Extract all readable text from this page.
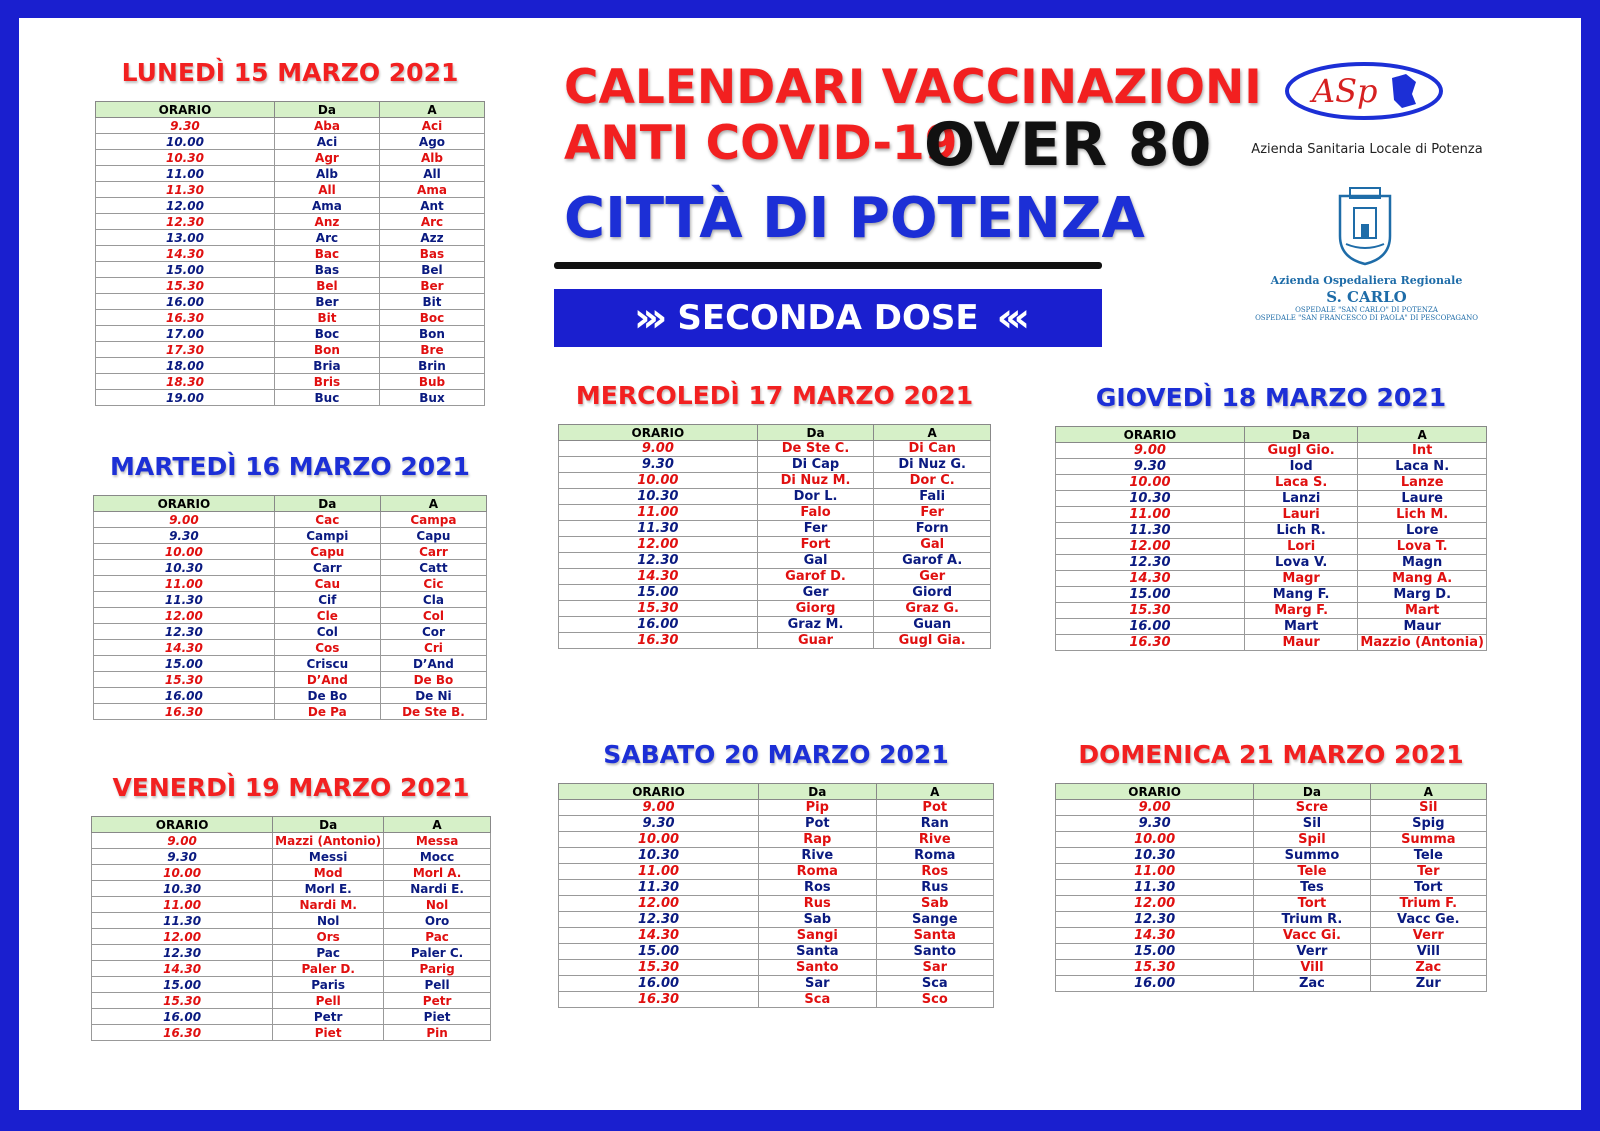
CALENDARI VACCINAZIONI
ANTI COVID-19
OVER 80
CITTÀ DI POTENZA
››› SECONDA DOSE ‹‹‹
ASp
Azienda Sanitaria Locale di Potenza
Azienda Ospedaliera Regionale
S. CARLO
OSPEDALE "SAN CARLO" DI POTENZA
OSPEDALE "SAN FRANCESCO DI PAOLA" DI PESCOPAGANO
LUNEDÌ 15 MARZO 2021
ORARIO	Da	A
9.30	Aba	Aci
10.00	Aci	Ago
10.30	Agr	Alb
11.00	Alb	All
11.30	All	Ama
12.00	Ama	Ant
12.30	Anz	Arc
13.00	Arc	Azz
14.30	Bac	Bas
15.00	Bas	Bel
15.30	Bel	Ber
16.00	Ber	Bit
16.30	Bit	Boc
17.00	Boc	Bon
17.30	Bon	Bre
18.00	Bria	Brin
18.30	Bris	Bub
19.00	Buc	Bux
MARTEDÌ 16 MARZO 2021
ORARIO	Da	A
9.00	Cac	Campa
9.30	Campi	Capu
10.00	Capu	Carr
10.30	Carr	Catt
11.00	Cau	Cic
11.30	Cif	Cla
12.00	Cle	Col
12.30	Col	Cor
14.30	Cos	Cri
15.00	Criscu	D’And
15.30	D’And	De Bo
16.00	De Bo	De Ni
16.30	De Pa	De Ste B.
VENERDÌ 19 MARZO 2021
ORARIO	Da	A
9.00	Mazzi (Antonio)	Messa
9.30	Messi	Mocc
10.00	Mod	Morl A.
10.30	Morl E.	Nardi E.
11.00	Nardi M.	Nol
11.30	Nol	Oro
12.00	Ors	Pac
12.30	Pac	Paler C.
14.30	Paler D.	Parig
15.00	Paris	Pell
15.30	Pell	Petr
16.00	Petr	Piet
16.30	Piet	Pin
MERCOLEDÌ 17 MARZO 2021
ORARIO	Da	A
9.00	De Ste C.	Di Can
9.30	Di Cap	Di Nuz G.
10.00	Di Nuz M.	Dor C.
10.30	Dor L.	Fali
11.00	Falo	Fer
11.30	Fer	Forn
12.00	Fort	Gal
12.30	Gal	Garof A.
14.30	Garof D.	Ger
15.00	Ger	Giord
15.30	Giorg	Graz G.
16.00	Graz M.	Guan
16.30	Guar	Gugl Gia.
GIOVEDÌ 18 MARZO 2021
ORARIO	Da	A
9.00	Gugl Gio.	Int
9.30	Iod	Laca N.
10.00	Laca S.	Lanze
10.30	Lanzi	Laure
11.00	Lauri	Lich M.
11.30	Lich R.	Lore
12.00	Lori	Lova T.
12.30	Lova V.	Magn
14.30	Magr	Mang A.
15.00	Mang F.	Marg D.
15.30	Marg F.	Mart
16.00	Mart	Maur
16.30	Maur	Mazzio (Antonia)
SABATO 20 MARZO 2021
ORARIO	Da	A
9.00	Pip	Pot
9.30	Pot	Ran
10.00	Rap	Rive
10.30	Rive	Roma
11.00	Roma	Ros
11.30	Ros	Rus
12.00	Rus	Sab
12.30	Sab	Sange
14.30	Sangi	Santa
15.00	Santa	Santo
15.30	Santo	Sar
16.00	Sar	Sca
16.30	Sca	Sco
DOMENICA 21 MARZO 2021
ORARIO	Da	A
9.00	Scre	Sil
9.30	Sil	Spig
10.00	Spil	Summa
10.30	Summo	Tele
11.00	Tele	Ter
11.30	Tes	Tort
12.00	Tort	Trium F.
12.30	Trium R.	Vacc Ge.
14.30	Vacc Gi.	Verr
15.00	Verr	Vill
15.30	Vill	Zac
16.00	Zac	Zur
